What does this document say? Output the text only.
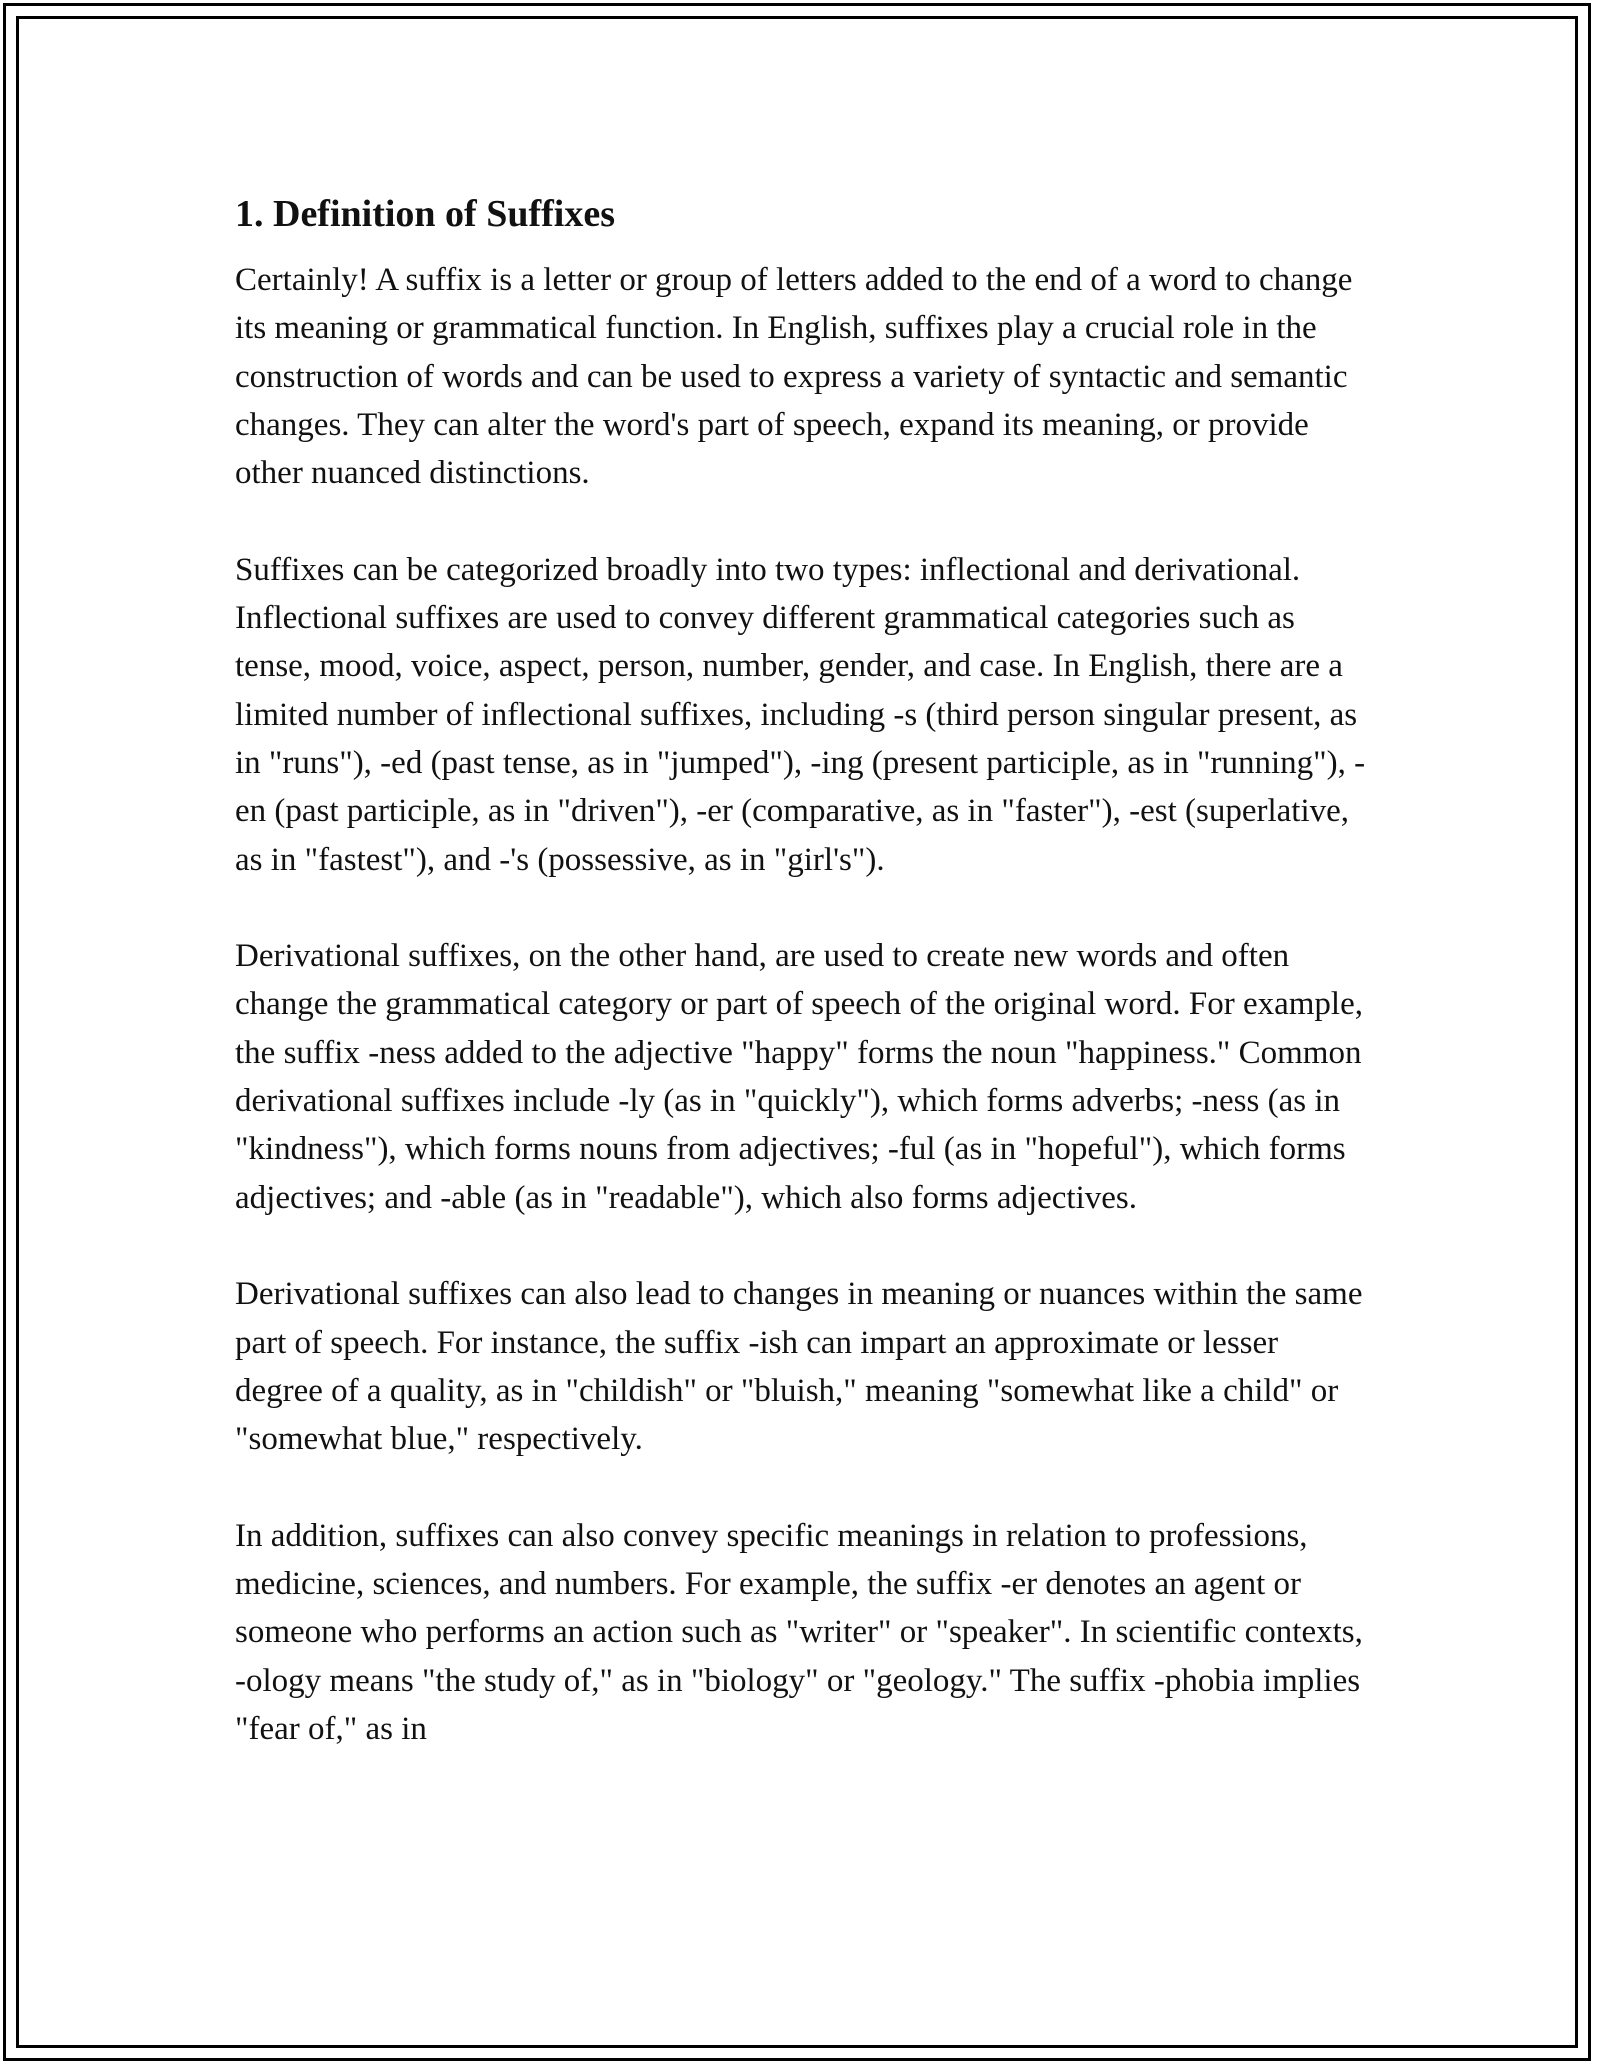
1. Definition of Suffixes

Certainly! A suffix is a letter or group of letters added to the end of a word to change its meaning or grammatical function. In English, suffixes play a crucial role in the construction of words and can be used to express a variety of syntactic and semantic changes. They can alter the word's part of speech, expand its meaning, or provide other nuanced distinctions.

Suffixes can be categorized broadly into two types: inflectional and derivational. Inflectional suffixes are used to convey different grammatical categories such as tense, mood, voice, aspect, person, number, gender, and case. In English, there are a limited number of inflectional suffixes, including -s (third person singular present, as in "runs"), -ed (past tense, as in "jumped"), -ing (present participle, as in "running"), -en (past participle, as in "driven"), -er (comparative, as in "faster"), -est (superlative, as in "fastest"), and -'s (possessive, as in "girl's").

Derivational suffixes, on the other hand, are used to create new words and often change the grammatical category or part of speech of the original word. For example, the suffix -ness added to the adjective "happy" forms the noun "happiness." Common derivational suffixes include -ly (as in "quickly"), which forms adverbs; -ness (as in "kindness"), which forms nouns from adjectives; -ful (as in "hopeful"), which forms adjectives; and -able (as in "readable"), which also forms adjectives.

Derivational suffixes can also lead to changes in meaning or nuances within the same part of speech. For instance, the suffix -ish can impart an approximate or lesser degree of a quality, as in "childish" or "bluish," meaning "somewhat like a child" or "somewhat blue," respectively.

In addition, suffixes can also convey specific meanings in relation to professions, medicine, sciences, and numbers. For example, the suffix -er denotes an agent or someone who performs an action such as "writer" or "speaker". In scientific contexts, -ology means "the study of," as in "biology" or "geology." The suffix -phobia implies "fear of," as in
